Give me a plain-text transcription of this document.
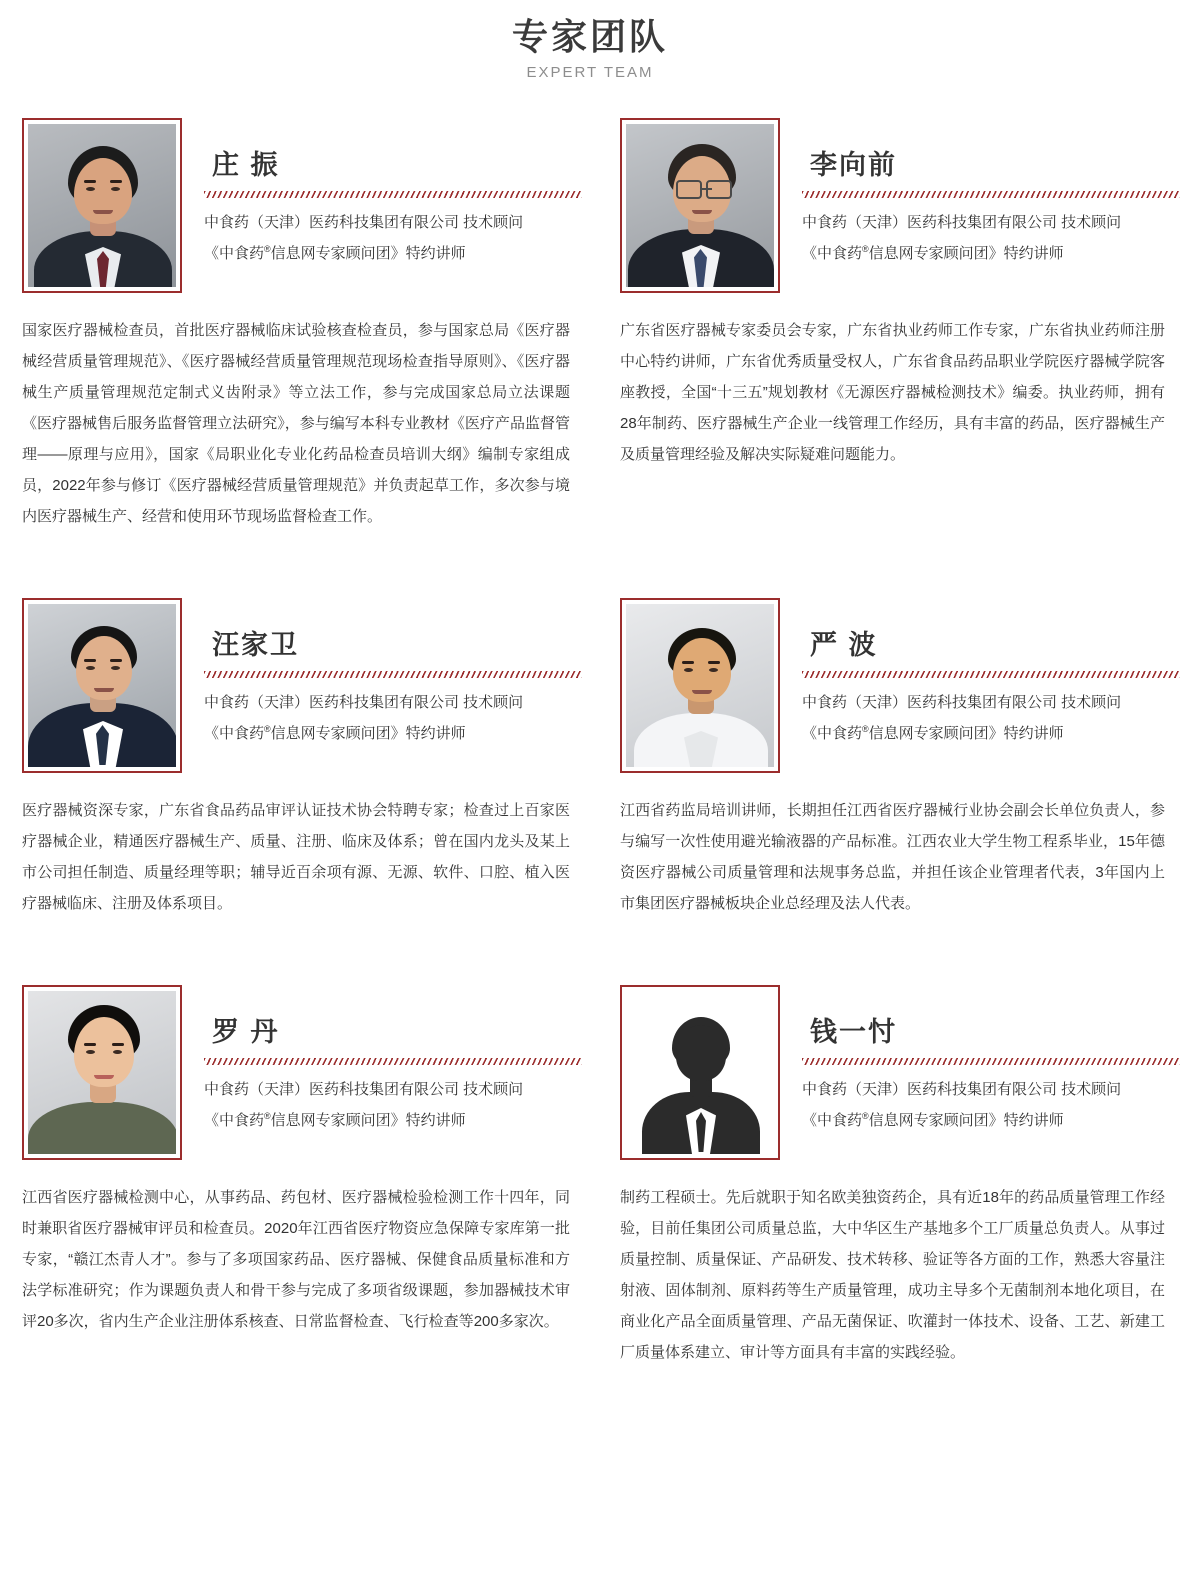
专家团队
EXPERT TEAM
庄 振
中食药（天津）医药科技集团有限公司 技术顾问
《中食药®信息网专家顾问团》特约讲师
国家医疗器械检查员，首批医疗器械临床试验核查检查员，参与国家总局《医疗器械经营质量管理规范》、《医疗器械经营质量管理规范现场检查指导原则》、《医疗器械生产质量管理规范定制式义齿附录》等立法工作，参与完成国家总局立法课题《医疗器械售后服务监督管理立法研究》，参与编写本科专业教材《医疗产品监督管理——原理与应用》，国家《局职业化专业化药品检查员培训大纲》编制专家组成员，2022年参与修订《医疗器械经营质量管理规范》并负责起草工作，多次参与境内医疗器械生产、经营和使用环节现场监督检查工作。
李向前
中食药（天津）医药科技集团有限公司 技术顾问
《中食药®信息网专家顾问团》特约讲师
广东省医疗器械专家委员会专家，广东省执业药师工作专家，广东省执业药师注册中心特约讲师，广东省优秀质量受权人，广东省食品药品职业学院医疗器械学院客座教授，全国“十三五”规划教材《无源医疗器械检测技术》编委。执业药师，拥有28年制药、医疗器械生产企业一线管理工作经历，具有丰富的药品，医疗器械生产及质量管理经验及解决实际疑难问题能力。
汪家卫
中食药（天津）医药科技集团有限公司 技术顾问
《中食药®信息网专家顾问团》特约讲师
医疗器械资深专家，广东省食品药品审评认证技术协会特聘专家；检查过上百家医疗器械企业，精通医疗器械生产、质量、注册、临床及体系；曾在国内龙头及某上市公司担任制造、质量经理等职；辅导近百余项有源、无源、软件、口腔、植入医疗器械临床、注册及体系项目。
严 波
中食药（天津）医药科技集团有限公司 技术顾问
《中食药®信息网专家顾问团》特约讲师
江西省药监局培训讲师，长期担任江西省医疗器械行业协会副会长单位负责人，参与编写一次性使用避光输液器的产品标准。江西农业大学生物工程系毕业，15年德资医疗器械公司质量管理和法规事务总监，并担任该企业管理者代表，3年国内上市集团医疗器械板块企业总经理及法人代表。
罗 丹
中食药（天津）医药科技集团有限公司 技术顾问
《中食药®信息网专家顾问团》特约讲师
江西省医疗器械检测中心，从事药品、药包材、医疗器械检验检测工作十四年，同时兼职省医疗器械审评员和检查员。2020年江西省医疗物资应急保障专家库第一批专家，“赣江杰青人才”。参与了多项国家药品、医疗器械、保健食品质量标准和方法学标准研究；作为课题负责人和骨干参与完成了多项省级课题，参加器械技术审评20多次，省内生产企业注册体系核查、日常监督检查、飞行检查等200多家次。
钱一忖
中食药（天津）医药科技集团有限公司 技术顾问
《中食药®信息网专家顾问团》特约讲师
制药工程硕士。先后就职于知名欧美独资药企，具有近18年的药品质量管理工作经验，目前任集团公司质量总监，大中华区生产基地多个工厂质量总负责人。从事过质量控制、质量保证、产品研发、技术转移、验证等各方面的工作，熟悉大容量注射液、固体制剂、原料药等生产质量管理，成功主导多个无菌制剂本地化项目，在商业化产品全面质量管理、产品无菌保证、吹灌封一体技术、设备、工艺、新建工厂质量体系建立、审计等方面具有丰富的实践经验。
